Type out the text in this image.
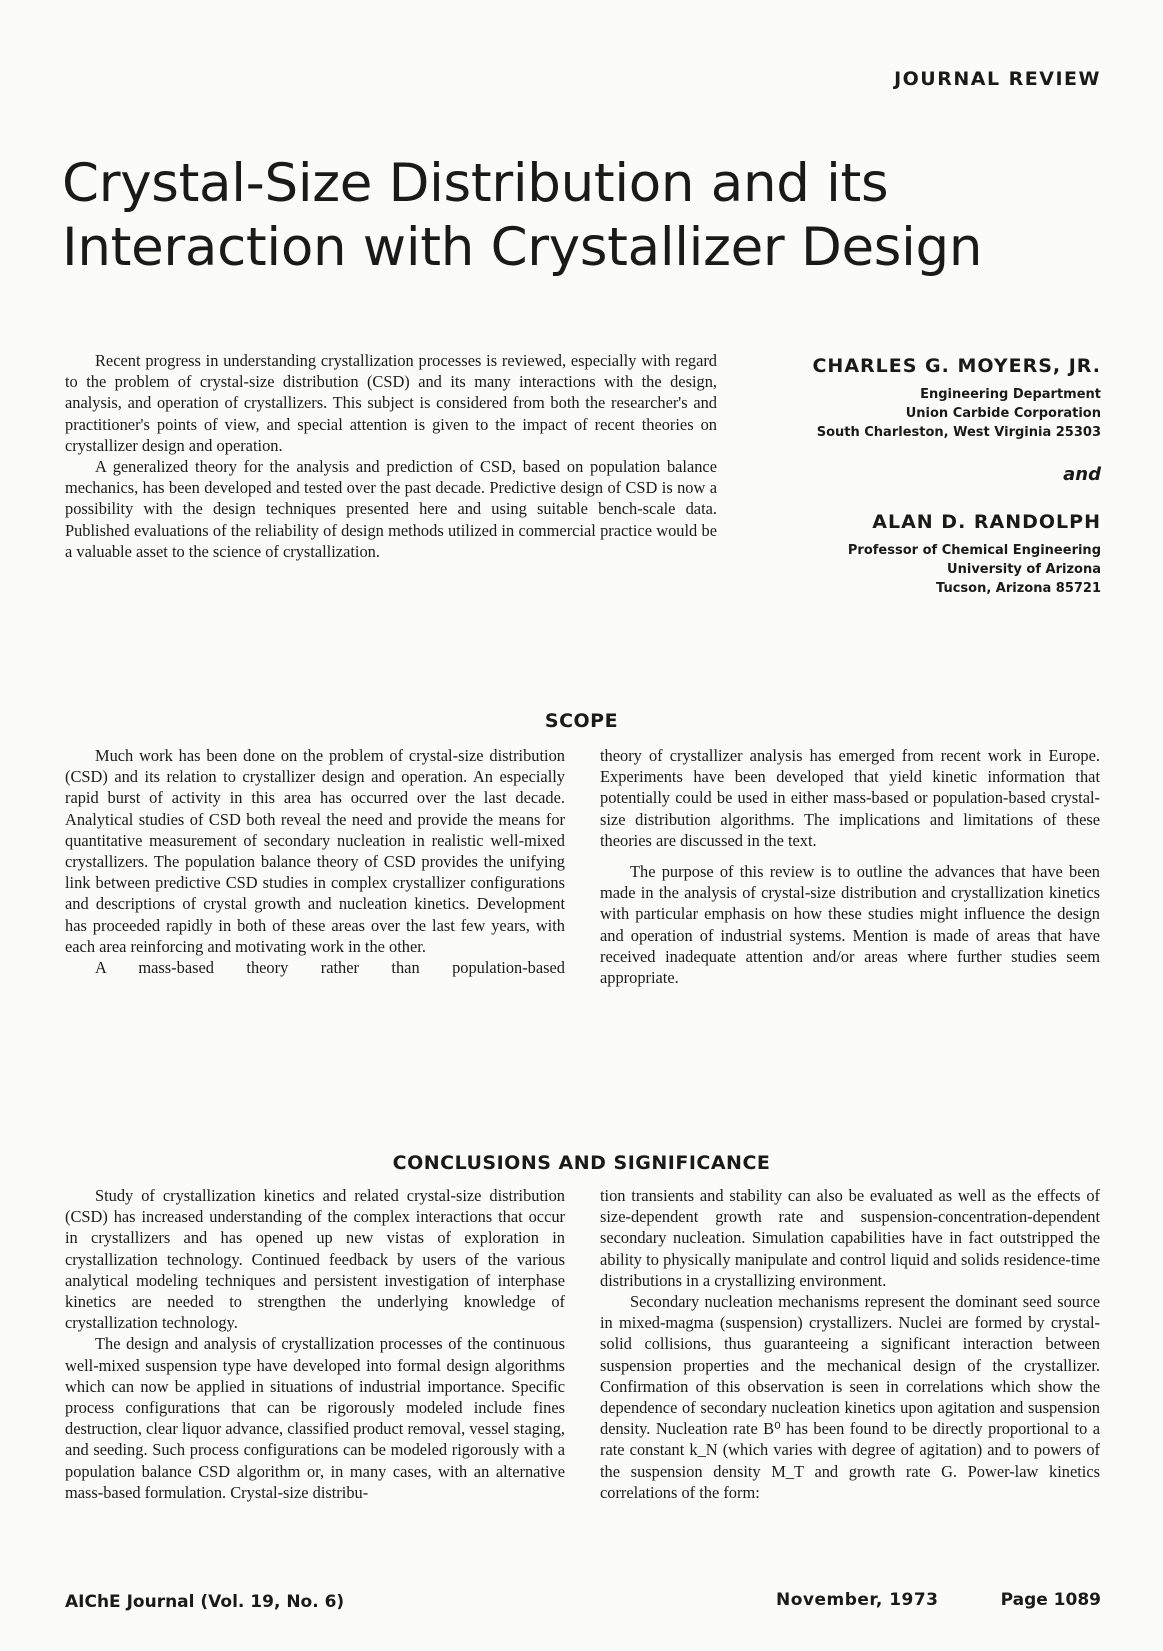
JOURNAL REVIEW
Crystal-Size Distribution and its Interaction with Crystallizer Design

Recent progress in understanding crystallization processes is reviewed, especially with regard to the problem of crystal-size distribution (CSD) and its many interactions with the design, analysis, and operation of crystallizers. This subject is considered from both the researcher's and practitioner's points of view, and special attention is given to the impact of recent theories on crystallizer design and operation.

A generalized theory for the analysis and prediction of CSD, based on population balance mechanics, has been developed and tested over the past decade. Predictive design of CSD is now a possibility with the design techniques presented here and using suitable bench-scale data. Published evaluations of the reliability of design methods utilized in commercial practice would be a valuable asset to the science of crystallization.

CHARLES G. MOYERS, JR.
Engineering Department
Union Carbide Corporation
South Charleston, West Virginia 25303
and
ALAN D. RANDOLPH
Professor of Chemical Engineering
University of Arizona
Tucson, Arizona 85721
SCOPE

Much work has been done on the problem of crystal-size distribution (CSD) and its relation to crystallizer design and operation. An especially rapid burst of activity in this area has occurred over the last decade. Analytical studies of CSD both reveal the need and provide the means for quantitative measurement of secondary nucleation in realistic well-mixed crystallizers. The population balance theory of CSD provides the unifying link between predictive CSD studies in complex crystallizer configurations and descriptions of crystal growth and nucleation kinetics. Development has proceeded rapidly in both of these areas over the last few years, with each area reinforcing and motivating work in the other.

A mass-based theory rather than population-based

theory of crystallizer analysis has emerged from recent work in Europe. Experiments have been developed that yield kinetic information that potentially could be used in either mass-based or population-based crystal-size distribution algorithms. The implications and limitations of these theories are discussed in the text.

The purpose of this review is to outline the advances that have been made in the analysis of crystal-size distribution and crystallization kinetics with particular emphasis on how these studies might influence the design and operation of industrial systems. Mention is made of areas that have received inadequate attention and/or areas where further studies seem appropriate.

CONCLUSIONS AND SIGNIFICANCE

Study of crystallization kinetics and related crystal-size distribution (CSD) has increased understanding of the complex interactions that occur in crystallizers and has opened up new vistas of exploration in crystallization technology. Continued feedback by users of the various analytical modeling techniques and persistent investigation of interphase kinetics are needed to strengthen the underlying knowledge of crystallization technology.

The design and analysis of crystallization processes of the continuous well-mixed suspension type have developed into formal design algorithms which can now be applied in situations of industrial importance. Specific process configurations that can be rigorously modeled include fines destruction, clear liquor advance, classified product removal, vessel staging, and seeding. Such process configurations can be modeled rigorously with a population balance CSD algorithm or, in many cases, with an alternative mass-based formulation. Crystal-size distribu-

tion transients and stability can also be evaluated as well as the effects of size-dependent growth rate and suspension-concentration-dependent secondary nucleation. Simulation capabilities have in fact outstripped the ability to physically manipulate and control liquid and solids residence-time distributions in a crystallizing environment.

Secondary nucleation mechanisms represent the dominant seed source in mixed-magma (suspension) crystallizers. Nuclei are formed by crystal-solid collisions, thus guaranteeing a significant interaction between suspension properties and the mechanical design of the crystallizer. Confirmation of this observation is seen in correlations which show the dependence of secondary nucleation kinetics upon agitation and suspension density. Nucleation rate B⁰ has been found to be directly proportional to a rate constant k_N (which varies with degree of agitation) and to powers of the suspension density M_T and growth rate G. Power-law kinetics correlations of the form:

AIChE Journal (Vol. 19, No. 6)	November, 1973	Page 1089
